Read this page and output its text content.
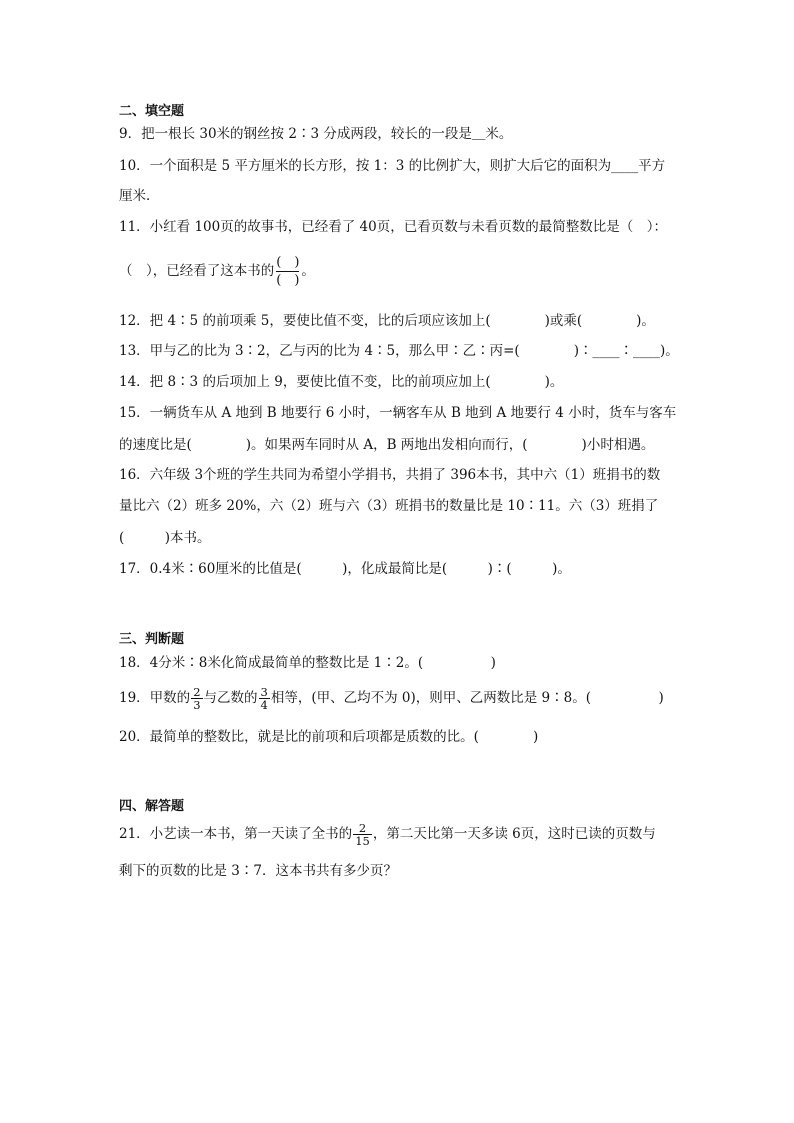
二、填空题
9．把一根长 30米的钢丝按 2∶3 分成两段，较长的一段是＿米。
10．一个面积是 5 平方厘米的长方形，按 1：3 的比例扩大，则扩大后它的面积为____平方
厘米．
11．小红看 100页的故事书，已经看了 40页，已看页数与未看页数的最简整数比是（　）：
（　），已经看了这本书的 $\frac{( )}{( )}$ 。
12．把 4∶5 的前项乘 5，要使比值不变，比的后项应该加上(　　　　)或乘(　　　　)。
13．甲与乙的比为 3∶2，乙与丙的比为 4∶5，那么甲∶乙∶丙=(　　　　)∶____∶____)。
14．把 8∶3 的后项加上 9，要使比值不变，比的前项应加上(　　　　)。
15．一辆货车从 A 地到 B 地要行 6 小时，一辆客车从 B 地到 A 地要行 4 小时，货车与客车
的速度比是(　　　　)。如果两车同时从 A，B 两地出发相向而行，(　　　　)小时相遇。
16．六年级 3个班的学生共同为希望小学捐书，共捐了 396本书，其中六（1）班捐书的数
量比六（2）班多 20%，六（2）班与六（3）班捐书的数量比是 10∶11。六（3）班捐了
(　　　)本书。
17．0.4米∶60厘米的比值是(　　　)，化成最简比是(　　　)∶(　　　)。
三、判断题
18．4分米∶8米化简成最简单的整数比是 1∶2。(　　　　　)
19．甲数的 $\frac{2}{3}$ 与乙数的 $\frac{3}{4}$ 相等，(甲、乙均不为 0)，则甲、乙两数比是 9∶8。(　　　　　)
20．最简单的整数比，就是比的前项和后项都是质数的比。(　　　　)
四、解答题
21．小艺读一本书，第一天读了全书的 $\frac{2}{15}$ ，第二天比第一天多读 6页，这时已读的页数与
剩下的页数的比是 3∶7．这本书共有多少页？
